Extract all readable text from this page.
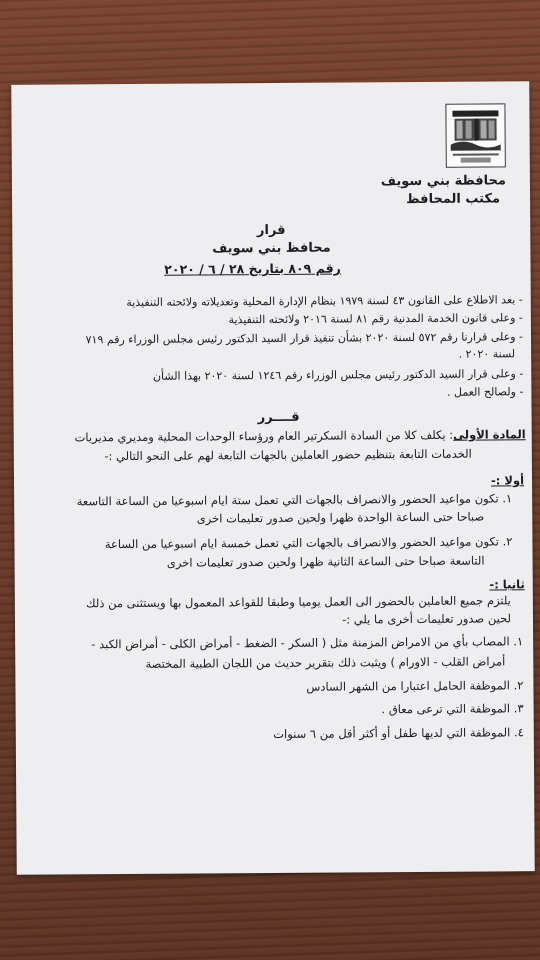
محافظة بني سويف
مكتب المحافظ
قرار
محافظ بني سويف
رقم ٨٠٩ بتاريخ ٢٨ / ٦ / ٢٠٢٠
- بعد الاطلاع على القانون ٤٣ لسنة ١٩٧٩ بنظام الإدارة المحلية وتعديلاته ولائحته التنفيذية
- وعلى قانون الخدمة المدنية رقم ٨١ لسنة ٢٠١٦ ولائحته التنفيذية
- وعلى قرارنا رقم ٥٧٢ لسنة ٢٠٢٠ بشأن تنفيذ قرار السيد الدكتور رئيس مجلس الوزراء رقم ٧١٩
لسنة ٢٠٢٠ .
- وعلى قرار السيد الدكتور رئيس مجلس الوزراء رقم ١٢٤٦ لسنة ٢٠٢٠ بهذا الشأن
- ولصالح العمل .
قــــرر
المادة الأولى: يكلف كلا من السادة السكرتير العام ورؤساء الوحدات المحلية ومديري مديريات
الخدمات التابعة بتنظيم حضور العاملين بالجهات التابعة لهم على النحو التالي :-
أولا :-
١. تكون مواعيد الحضور والانصراف بالجهات التي تعمل ستة ايام اسبوعيا من الساعة التاسعة
صباحا حتى الساعة الواحدة ظهرا ولحين صدور تعليمات اخرى
٢. تكون مواعيد الحضور والانصراف بالجهات التي تعمل خمسة ايام اسبوعيا من الساعة
التاسعة صباحا حتى الساعة الثانية ظهرا ولحين صدور تعليمات اخرى
ثانيا :-
يلتزم جميع العاملين بالحضور الى العمل يوميا وطبقا للقواعد المعمول بها ويستثنى من ذلك
لحين صدور تعليمات أخرى ما يلي :-
١. المصاب بأي من الامراض المزمنة مثل ( السكر - الضغط - أمراض الكلى - أمراض الكبد -
أمراض القلب - الاورام ) ويثبت ذلك بتقرير حديث من اللجان الطبية المختصة
٢. الموظفة الحامل اعتبارا من الشهر السادس
٣. الموظفة التي ترعى معاق .
٤. الموظفة التي لديها طفل أو أكثر أقل من ٦ سنوات
